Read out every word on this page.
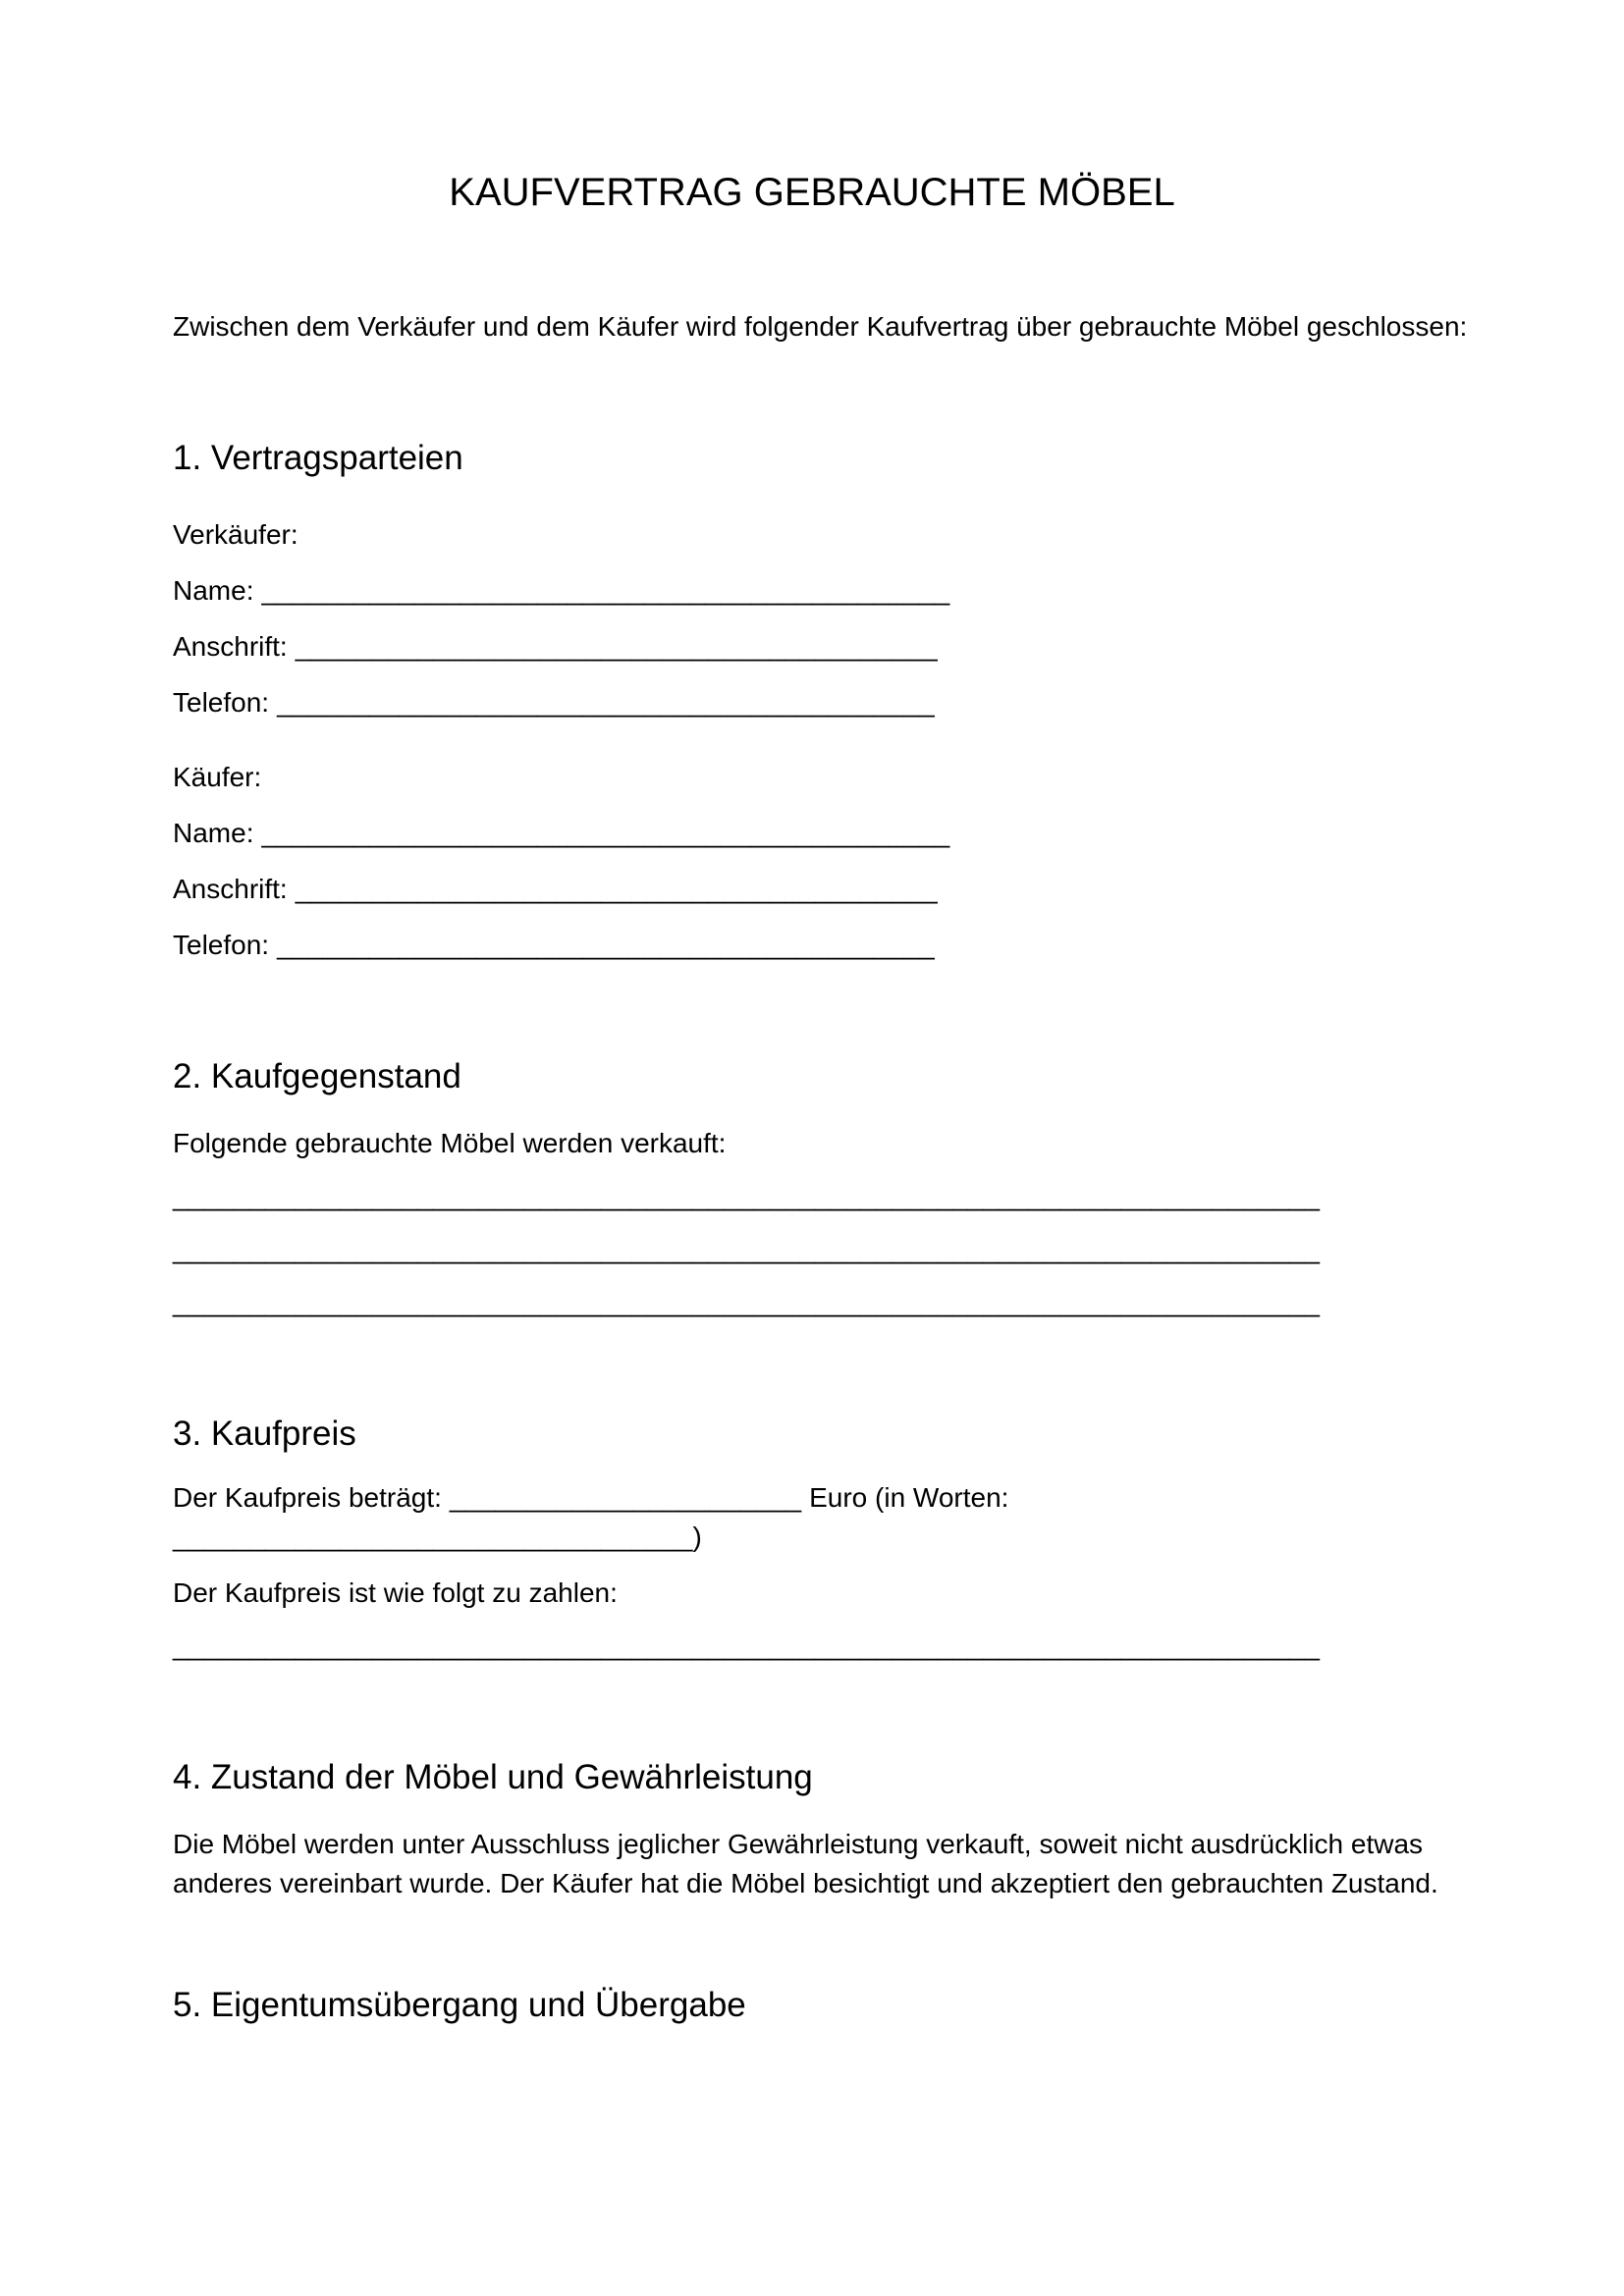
KAUFVERTRAG GEBRAUCHTE MÖBEL

Zwischen dem Verkäufer und dem Käufer wird folgender Kaufvertrag über gebrauchte Möbel geschlossen:

1. Vertragsparteien

Verkäufer:

Name: _____________________________________________

Anschrift: __________________________________________

Telefon: ___________________________________________

Käufer:

Name: _____________________________________________

Anschrift: __________________________________________

Telefon: ___________________________________________

2. Kaufgegenstand

Folgende gebrauchte Möbel werden verkauft:

___________________________________________________________________________

___________________________________________________________________________

___________________________________________________________________________

3. Kaufpreis

Der Kaufpreis beträgt: _______________________ Euro (in Worten:
__________________________________)

Der Kaufpreis ist wie folgt zu zahlen:

___________________________________________________________________________

4. Zustand der Möbel und Gewährleistung

Die Möbel werden unter Ausschluss jeglicher Gewährleistung verkauft, soweit nicht ausdrücklich etwas anderes vereinbart wurde. Der Käufer hat die Möbel besichtigt und akzeptiert den gebrauchten Zustand.

5. Eigentumsübergang und Übergabe
